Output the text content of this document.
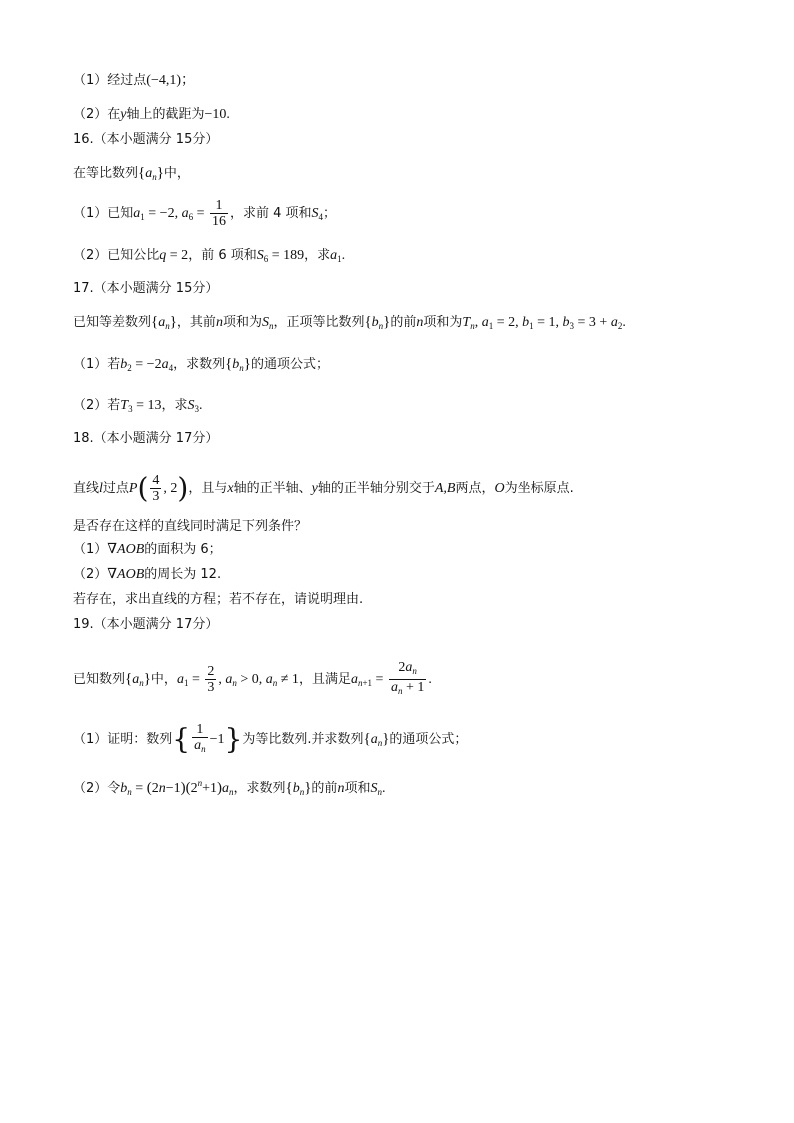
（1）经过点(−4,1)；
（2）在y轴上的截距为−10.
16.（本小题满分 15分）
在等比数列$\{a_n\}$中，
（1）已知$a_1 = -2$, $a_6 = \frac{1}{16}$ ，求前 4 项和$S_4$；
（2）已知公比q = 2，前 6 项和$S_6 = 189$，求$a_1$.
17.（本小题满分 15分）
已知等差数列$\{a_n\}$，其前n项和为$S_n$，正项等比数列$\{b_n\}$的前n项和为$T_n$, $a_1 = 2$, $b_1 = 1$, $b_3 = 3 + a_2$.
（1）若$b_2 = -2a_4$，求数列$\{b_n\}$的通项公式；
（2）若$T_3 = 13$，求$S_3$.
18.（本小题满分 17分）
直线l过点$P( \frac{4}{3}$ , 2)，且与x轴的正半轴、y轴的正半轴分别交于A,B两点，O为坐标原点.
是否存在这样的直线同时满足下列条件？
（1）∇AOB的面积为 6；
（2）∇AOB的周长为 12.
若存在，求出直线的方程；若不存在，请说明理由.
19.（本小题满分 17分）
已知数列$\{a_n\}$中，$a_1 = \frac{2}{3}$ , $a_n > 0$, $a_n \ne 1$，且满足$a_{n+1} = \frac{2a_n}{a_n + 1}$ .
（1）证明：数列{ $\frac{1}{a_n} -1$}为等比数列.并求数列$\{a_n\}$的通项公式；
（2）令$b_n = (2n-1)(2^n+1)a_n$，求数列$\{b_n\}$的前n项和$S_n$.
